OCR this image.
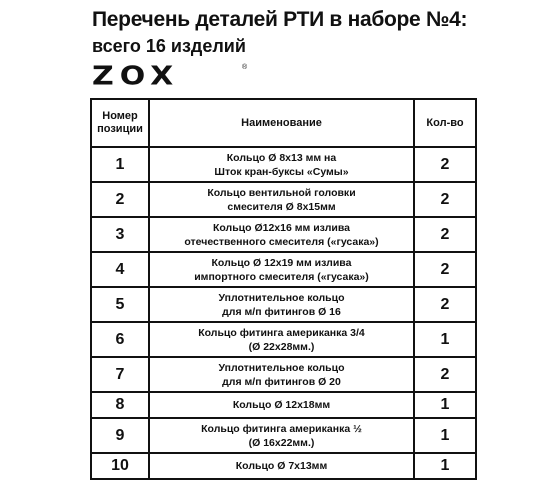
Перечень деталей РТИ в наборе №4:
всего 16 изделий
ZOX	®
Номер позиции	Наименование	Кол-во
1	Кольцо Ø 8x13 мм на
Шток кран-буксы «Сумы»	2
2	Кольцо вентильной головки
смесителя Ø 8x15мм	2
3	Кольцо Ø12x16 мм излива
отечественного смесителя («гусака»)	2
4	Кольцо Ø 12x19 мм излива
импортного смесителя («гусака»)	2
5	Уплотнительное кольцо
для м/п фитингов Ø 16	2
6	Кольцо фитинга американка 3/4
(Ø 22x28мм.)	1
7	Уплотнительное кольцо
для м/п фитингов Ø 20	2
8	Кольцо Ø 12x18мм	1
9	Кольцо фитинга американка ½
(Ø 16x22мм.)	1
10	Кольцо Ø 7x13мм	1
